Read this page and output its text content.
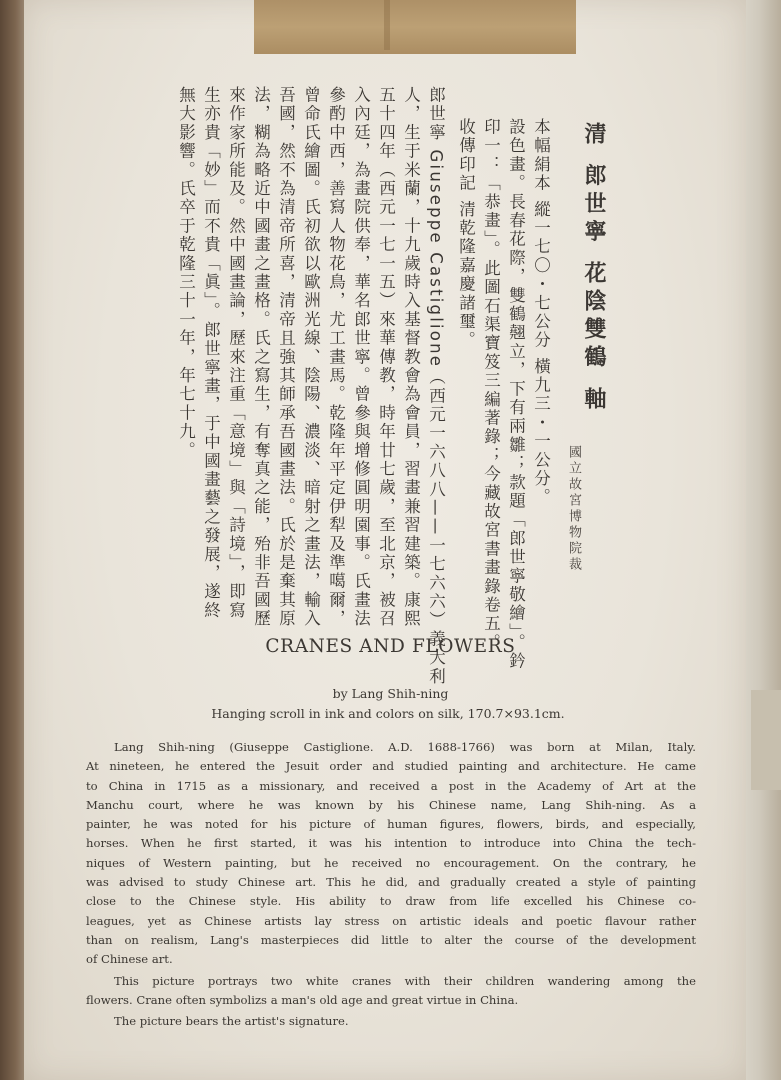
清 郎世寧 花陰雙鶴 軸
國立故宮博物院裁
本幅絹本 縱一七〇・七公分 橫九三・一公分。
設色畫。長春花際，雙鶴翹立，下有兩雛；款題「郎世寧敬繪」。鈐
印一：「恭畫」。此圖石渠寶笈三編著錄；今藏故宮書畫錄卷五。
收傳印記 清乾隆嘉慶諸璽。
郎世寧 Giuseppe Castiglione（西元一六八八——一七六六）義大利
人，生于米蘭，十九歲時入基督教會為會員，習畫兼習建築。康熙
五十四年（西元一七一五）來華傳教，時年廿七歲，至北京，被召
入內廷，為畫院供奉，華名郎世寧。曾參與增修圓明園事。氏畫法
參酌中西，善寫人物花鳥，尤工畫馬。乾隆年平定伊犁及準噶爾，
曾命氏繪圖。氏初欲以歐洲光線、陰陽、濃淡、暗射之畫法，輸入
吾國，然不為清帝所喜，清帝且強其師承吾國畫法。氏於是棄其原
法，糊為略近中國畫之畫格。氏之寫生，有奪真之能，殆非吾國歷
來作家所能及。然中國畫論，歷來注重「意境」與「詩境」，即寫
生亦貴「妙」而不貴「眞」。郎世寧畫，于中國畫藝之發展，遂終
無大影響。氏卒于乾隆三十一年，年七十九。
CRANES AND FLOWERS
by Lang Shih-ning
Hanging scroll in ink and colors on silk, 170.7×93.1cm.
Lang Shih-ning (Giuseppe Castiglione. A.D. 1688-1766) was born at Milan, Italy.
At nineteen, he entered the Jesuit order and studied painting and architecture. He came
to China in 1715 as a missionary, and received a post in the Academy of Art at the
Manchu court, where he was known by his Chinese name, Lang Shih-ning. As a
painter, he was noted for his picture of human figures, flowers, birds, and especially,
horses. When he first started, it was his intention to introduce into China the tech-
niques of Western painting, but he received no encouragement. On the contrary, he
was advised to study Chinese art. This he did, and gradually created a style of painting
close to the Chinese style. His ability to draw from life excelled his Chinese co-
leagues, yet as Chinese artists lay stress on artistic ideals and poetic flavour rather
than on realism, Lang's masterpieces did little to alter the course of the development
of Chinese art.
This picture portrays two white cranes with their children wandering among the
flowers. Crane often symbolizs a man's old age and great virtue in China.
The picture bears the artist's signature.
